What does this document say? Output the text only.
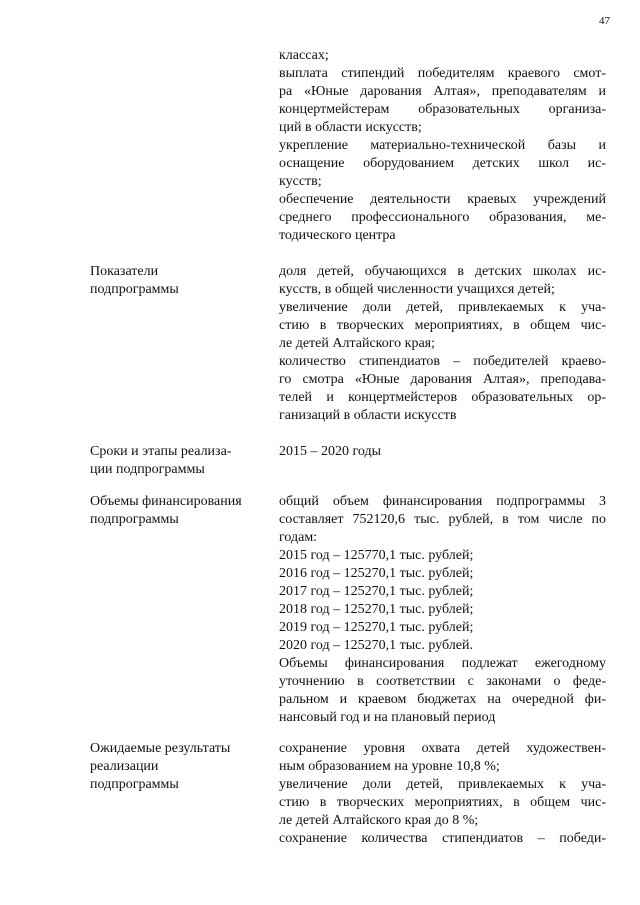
47
классах;
выплата стипендий победителям краевого смот-
ра «Юные дарования Алтая», преподавателям и
концертмейстерам образовательных организа-
ций в области искусств;
укрепление материально-технической базы и
оснащение оборудованием детских школ ис-
кусств;
обеспечение деятельности краевых учреждений
среднего профессионального образования, ме-
тодического центра
Показатели
подпрограммы
доля детей, обучающихся в детских школах ис-
кусств, в общей численности учащихся детей;
увеличение доли детей, привлекаемых к уча-
стию в творческих мероприятиях, в общем чис-
ле детей Алтайского края;
количество стипендиатов – победителей краево-
го смотра «Юные дарования Алтая», преподава-
телей и концертмейстеров образовательных ор-
ганизаций в области искусств
Сроки и этапы реализа-
ции подпрограммы
2015 – 2020 годы
Объемы финансирования
подпрограммы
общий объем финансирования подпрограммы 3
составляет 752120,6 тыс. рублей, в том числе по
годам:
2015 год – 125770,1 тыс. рублей;
2016 год – 125270,1 тыс. рублей;
2017 год – 125270,1 тыс. рублей;
2018 год – 125270,1 тыс. рублей;
2019 год – 125270,1 тыс. рублей;
2020 год – 125270,1 тыс. рублей.
Объемы финансирования подлежат ежегодному
уточнению в соответствии с законами о феде-
ральном и краевом бюджетах на очередной фи-
нансовый год и на плановый период
Ожидаемые результаты
реализации
подпрограммы
сохранение уровня охвата детей художествен-
ным образованием на уровне 10,8 %;
увеличение доли детей, привлекаемых к уча-
стию в творческих мероприятиях, в общем чис-
ле детей Алтайского края до 8 %;
сохранение количества стипендиатов – победи-
